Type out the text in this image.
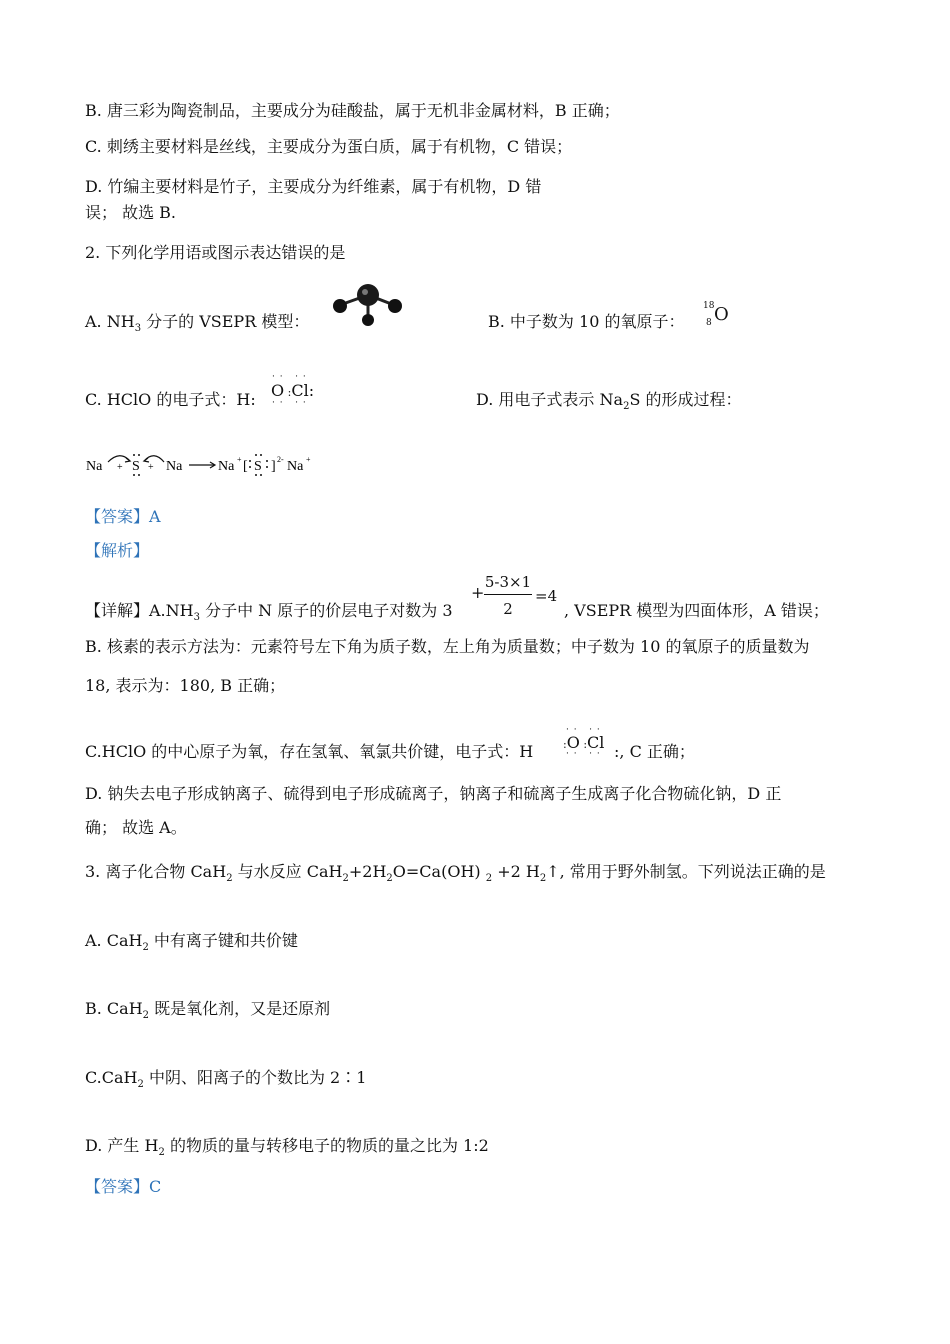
B. 唐三彩为陶瓷制品，主要成分为硅酸盐，属于无机非金属材料，B 正确；
C. 刺绣主要材料是丝线，主要成分为蛋白质，属于有机物，C 错误；
D. 竹编主要材料是竹子，主要成分为纤维素，属于有机物，D 错
误； 故选 B.
2. 下列化学用语或图示表达错误的是
A. $NH_3$ 分子的 VSEPR 模型：	B. 中子数为 10 的氧原子：
18
8 O
C. HClO 的电子式：H:
· ·   · ·
O :Cl:
· ·   · ·	D. 用电子式表示 $Na_2S$ 的形成过程：
Na + S + Na	Na + [ S ] 2- Na +
【答案】A
【解析】
【详解】$A.NH_3$ 分子中 N 原子的价层电子对数为 3
+
5-3×1
2
=4
, VSEPR 模型为四面体形，A 错误；
B. 核素的表示方法为：元素符号左下角为质子数，左上角为质量数；中子数为 10 的氧原子的质量数为
18, 表示为：180, B 正确；
C.HClO 的中心原子为氧，存在氢氧、氧氯共价键，电子式：H
· ·   · ·
:O :Cl
· ·   · · :, C 正确；
D. 钠失去电子形成钠离子、硫得到电子形成硫离子，钠离子和硫离子生成离子化合物硫化钠，D 正
确； 故选 A。
3. 离子化合物 CaH$_2$ 与水反应 $CaH_2+2H_2O=Ca(OH)$ $_2$ +2 $H_2↑$, 常用于野外制氢。下列说法正确的是
A. CaH$_2$ 中有离子键和共价键
B. CaH$_2$ 既是氧化剂，又是还原剂
C.CaH$_2$ 中阴、阳离子的个数比为 2∶1
D. 产生 $H_2$ 的物质的量与转移电子的物质的量之比为 1:2
【答案】C
